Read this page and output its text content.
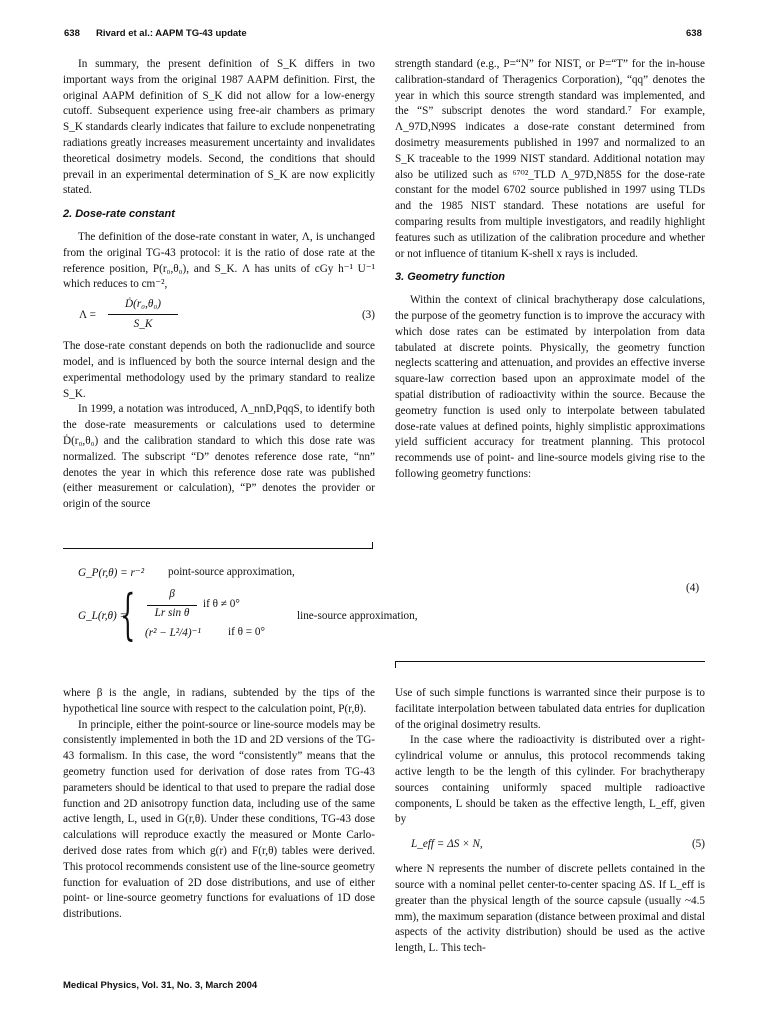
638 Rivard et al.: AAPM TG-43 update	638

In summary, the present definition of S_K differs in two important ways from the original 1987 AAPM definition. First, the original AAPM definition of S_K did not allow for a low-energy cutoff. Subsequent experience using free-air chambers as primary S_K standards clearly indicates that failure to exclude nonpenetrating radiations greatly increases measurement uncertainty and invalidates theoretical dosimetry models. Second, the conditions that should prevail in an experimental determination of S_K are now explicitly stated.

2. Dose-rate constant

The definition of the dose-rate constant in water, Λ, is unchanged from the original TG-43 protocol: it is the ratio of dose rate at the reference position, P(r₀,θ₀), and S_K. Λ has units of cGy h⁻¹ U⁻¹ which reduces to cm⁻²,

Λ =
Ḋ(r₀,θ₀)
S_K
(3)

The dose-rate constant depends on both the radionuclide and source model, and is influenced by both the source internal design and the experimental methodology used by the primary standard to realize S_K.

In 1999, a notation was introduced, Λ_nnD,PqqS, to identify both the dose-rate measurements or calculations used to determine Ḋ(r₀,θ₀) and the calibration standard to which this dose rate was normalized. The subscript “D” denotes reference dose rate, “nn” denotes the year in which this reference dose rate was published (either measurement or calculation), “P” denotes the provider or origin of the source

strength standard (e.g., P=“N” for NIST, or P=“T” for the in-house calibration-standard of Theragenics Corporation), “qq” denotes the year in which this source strength standard was implemented, and the “S” subscript denotes the word standard.⁷ For example, Λ_97D,N99S indicates a dose-rate constant determined from dosimetry measurements published in 1997 and normalized to an S_K traceable to the 1999 NIST standard. Additional notation may also be utilized such as ⁶⁷⁰²_TLD Λ_97D,N85S for the dose-rate constant for the model 6702 source published in 1997 using TLDs and the 1985 NIST standard. These notations are useful for comparing results from multiple investigators, and readily highlight features such as utilization of the calibration procedure and whether or not influence of titanium K-shell x rays is included.

3. Geometry function

Within the context of clinical brachytherapy dose calculations, the purpose of the geometry function is to improve the accuracy with which dose rates can be estimated by interpolation from data tabulated at discrete points. Physically, the geometry function neglects scattering and attenuation, and provides an effective inverse square-law correction based upon an approximate model of the spatial distribution of radioactivity within the source. Because the geometry function is used only to interpolate between tabulated dose-rate values at defined points, highly simplistic approximations yield sufficient accuracy for treatment planning. This protocol recommends use of point- and line-source models giving rise to the following geometry functions:

G_P(r,θ) = r⁻² point-source approximation,
G_L(r,θ) =
{	β
Lr sin θ
if θ ≠ 0°
(r² − L²/4)⁻¹ if θ = 0°
line-source approximation,
(4)

where β is the angle, in radians, subtended by the tips of the hypothetical line source with respect to the calculation point, P(r,θ).

In principle, either the point-source or line-source models may be consistently implemented in both the 1D and 2D versions of the TG-43 formalism. In this case, the word “consistently” means that the geometry function used for derivation of dose rates from TG-43 parameters should be identical to that used to prepare the radial dose function and 2D anisotropy function data, including use of the same active length, L, used in G(r,θ). Under these conditions, TG-43 dose calculations will reproduce exactly the measured or Monte Carlo-derived dose rates from which g(r) and F(r,θ) tables were derived. This protocol recommends consistent use of the line-source geometry function for evaluation of 2D dose distributions, and use of either point- or line-source geometry functions for evaluations of 1D dose distributions.

Use of such simple functions is warranted since their purpose is to facilitate interpolation between tabulated data entries for duplication of the original dosimetry results.

In the case where the radioactivity is distributed over a right-cylindrical volume or annulus, this protocol recommends taking active length to be the length of this cylinder. For brachytherapy sources containing uniformly spaced multiple radioactive components, L should be taken as the effective length, L_eff, given by

L_eff = ΔS × N,	(5)

where N represents the number of discrete pellets contained in the source with a nominal pellet center-to-center spacing ΔS. If L_eff is greater than the physical length of the source capsule (usually ~4.5 mm), the maximum separation (distance between proximal and distal aspects of the activity distribution) should be used as the active length, L. This tech-

Medical Physics, Vol. 31, No. 3, March 2004
